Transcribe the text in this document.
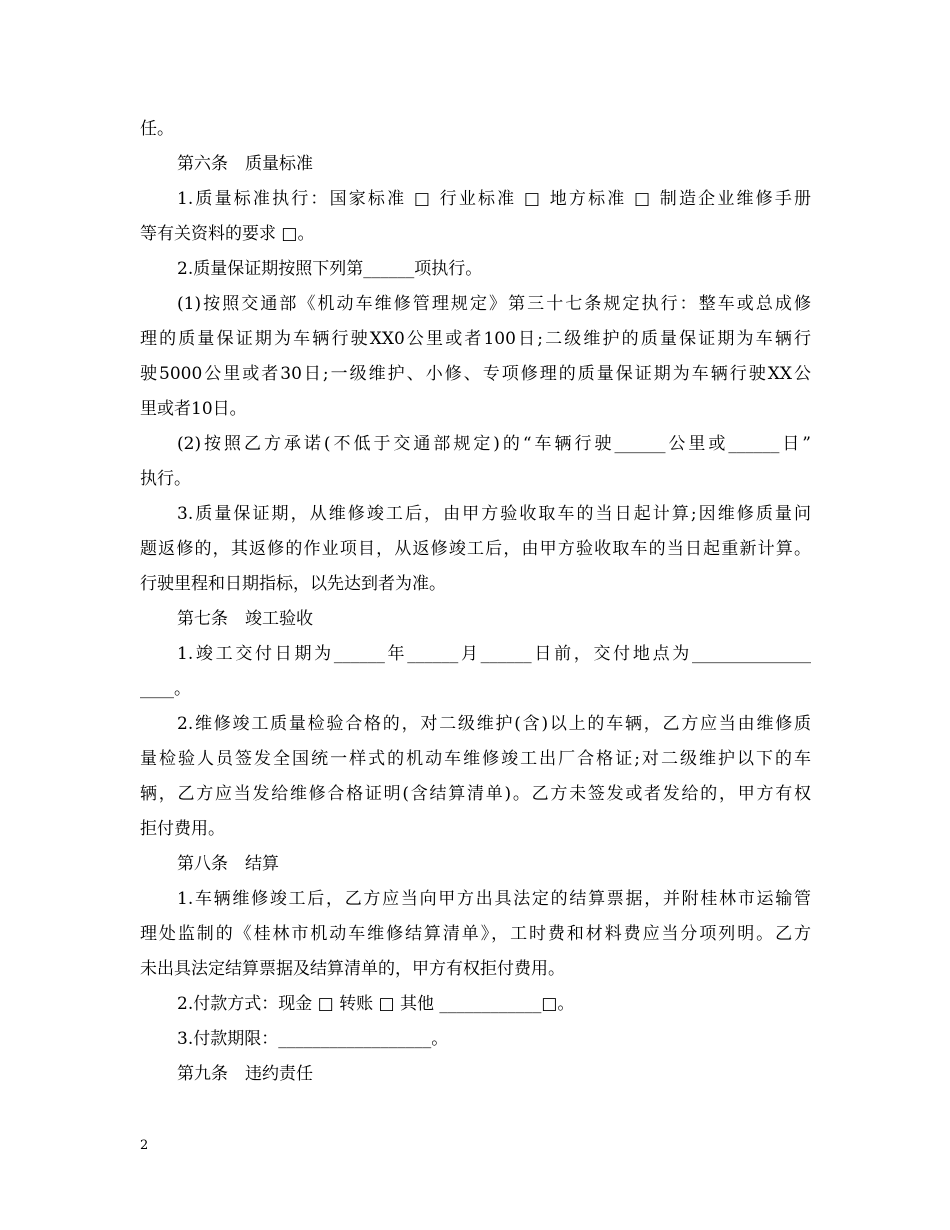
任。
第六条　质量标准
1.质量标准执行：国家标准 □ 行业标准 □ 地方标准 □ 制造企业维修手册
等有关资料的要求 □。
2.质量保证期按照下列第______项执行。
(1)按照交通部《机动车维修管理规定》第三十七条规定执行：整车或总成修
理的质量保证期为车辆行驶XX0公里或者100日;二级维护的质量保证期为车辆行
驶5000公里或者30日;一级维护、小修、专项修理的质量保证期为车辆行驶XX公
里或者10日。
(2)按照乙方承诺(不低于交通部规定)的“车辆行驶______公里或______日”
执行。
3.质量保证期，从维修竣工后，由甲方验收取车的当日起计算;因维修质量问
题返修的，其返修的作业项目，从返修竣工后，由甲方验收取车的当日起重新计算。
行驶里程和日期指标，以先达到者为准。
第七条　竣工验收
1.竣工交付日期为______年______月______日前，交付地点为______________
____。
2.维修竣工质量检验合格的，对二级维护(含)以上的车辆，乙方应当由维修质
量检验人员签发全国统一样式的机动车维修竣工出厂合格证;对二级维护以下的车
辆，乙方应当发给维修合格证明(含结算清单)。乙方未签发或者发给的，甲方有权
拒付费用。
第八条　结算
1.车辆维修竣工后，乙方应当向甲方出具法定的结算票据，并附桂林市运输管
理处监制的《桂林市机动车维修结算清单》，工时费和材料费应当分项列明。乙方
未出具法定结算票据及结算清单的，甲方有权拒付费用。
2.付款方式：现金 □ 转账 □ 其他 ____________□。
3.付款期限：__________________。
第九条　违约责任
2
